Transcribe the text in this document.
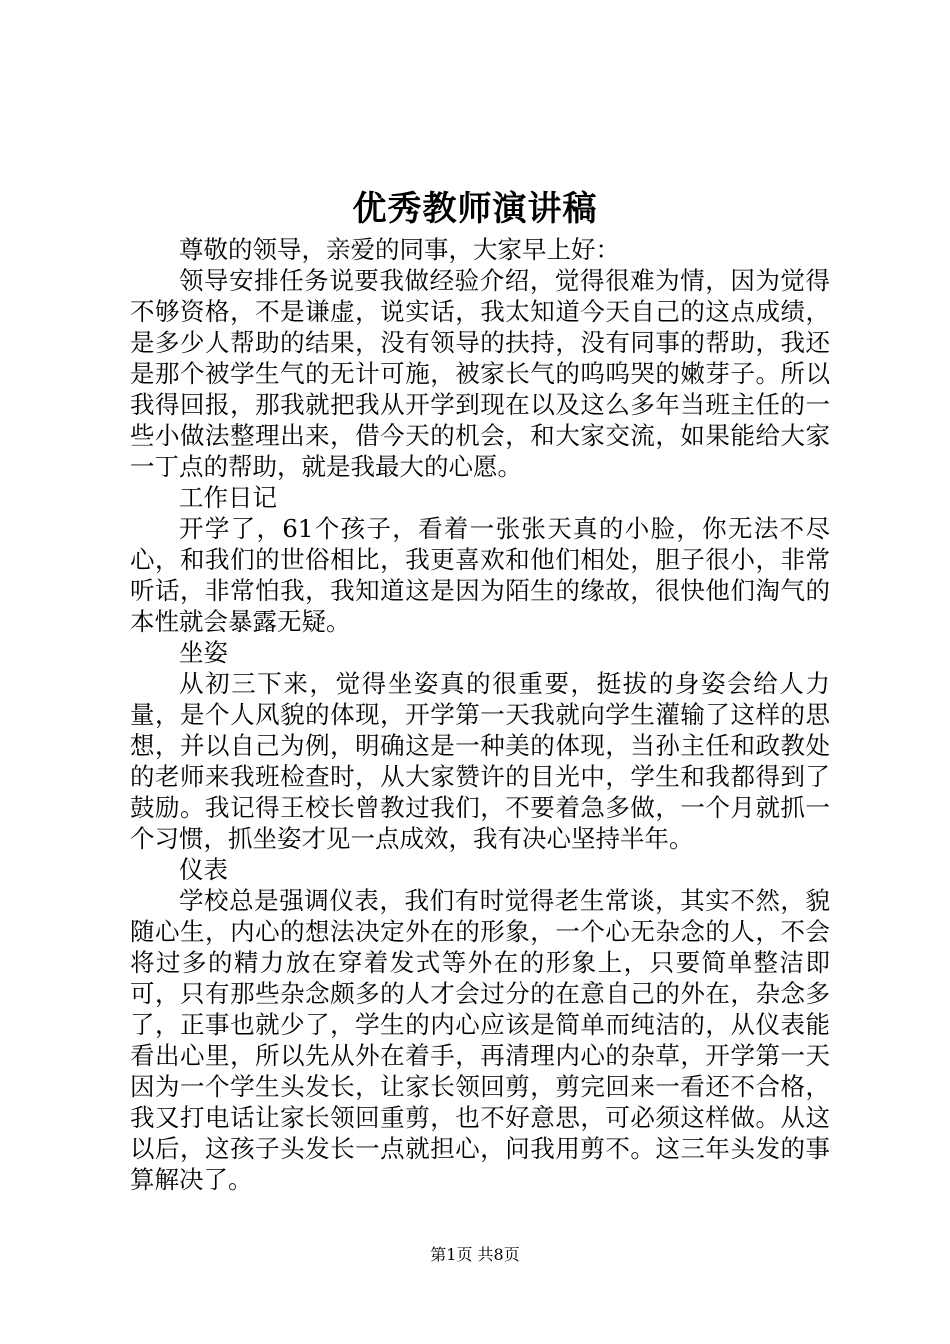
优秀教师演讲稿

尊敬的领导，亲爱的同事，大家早上好：

领导安排任务说要我做经验介绍，觉得很难为情，因为觉得不够资格，不是谦虚，说实话，我太知道今天自己的这点成绩，是多少人帮助的结果，没有领导的扶持，没有同事的帮助，我还是那个被学生气的无计可施，被家长气的呜呜哭的嫩芽子。所以我得回报，那我就把我从开学到现在以及这么多年当班主任的一些小做法整理出来，借今天的机会，和大家交流，如果能给大家一丁点的帮助，就是我最大的心愿。

工作日记

开学了，61个孩子，看着一张张天真的小脸，你无法不尽心，和我们的世俗相比，我更喜欢和他们相处，胆子很小，非常听话，非常怕我，我知道这是因为陌生的缘故，很快他们淘气的本性就会暴露无疑。

坐姿

从初三下来，觉得坐姿真的很重要，挺拔的身姿会给人力量，是个人风貌的体现，开学第一天我就向学生灌输了这样的思想，并以自己为例，明确这是一种美的体现，当孙主任和政教处的老师来我班检查时，从大家赞许的目光中，学生和我都得到了鼓励。我记得王校长曾教过我们，不要着急多做，一个月就抓一个习惯，抓坐姿才见一点成效，我有决心坚持半年。

仪表

学校总是强调仪表，我们有时觉得老生常谈，其实不然，貌随心生，内心的想法决定外在的形象，一个心无杂念的人，不会将过多的精力放在穿着发式等外在的形象上，只要简单整洁即可，只有那些杂念颇多的人才会过分的在意自己的外在，杂念多了，正事也就少了，学生的内心应该是简单而纯洁的，从仪表能看出心里，所以先从外在着手，再清理内心的杂草，开学第一天因为一个学生头发长，让家长领回剪，剪完回来一看还不合格，我又打电话让家长领回重剪，也不好意思，可必须这样做。从这以后，这孩子头发长一点就担心，问我用剪不。这三年头发的事算解决了。

第1页 共8页
